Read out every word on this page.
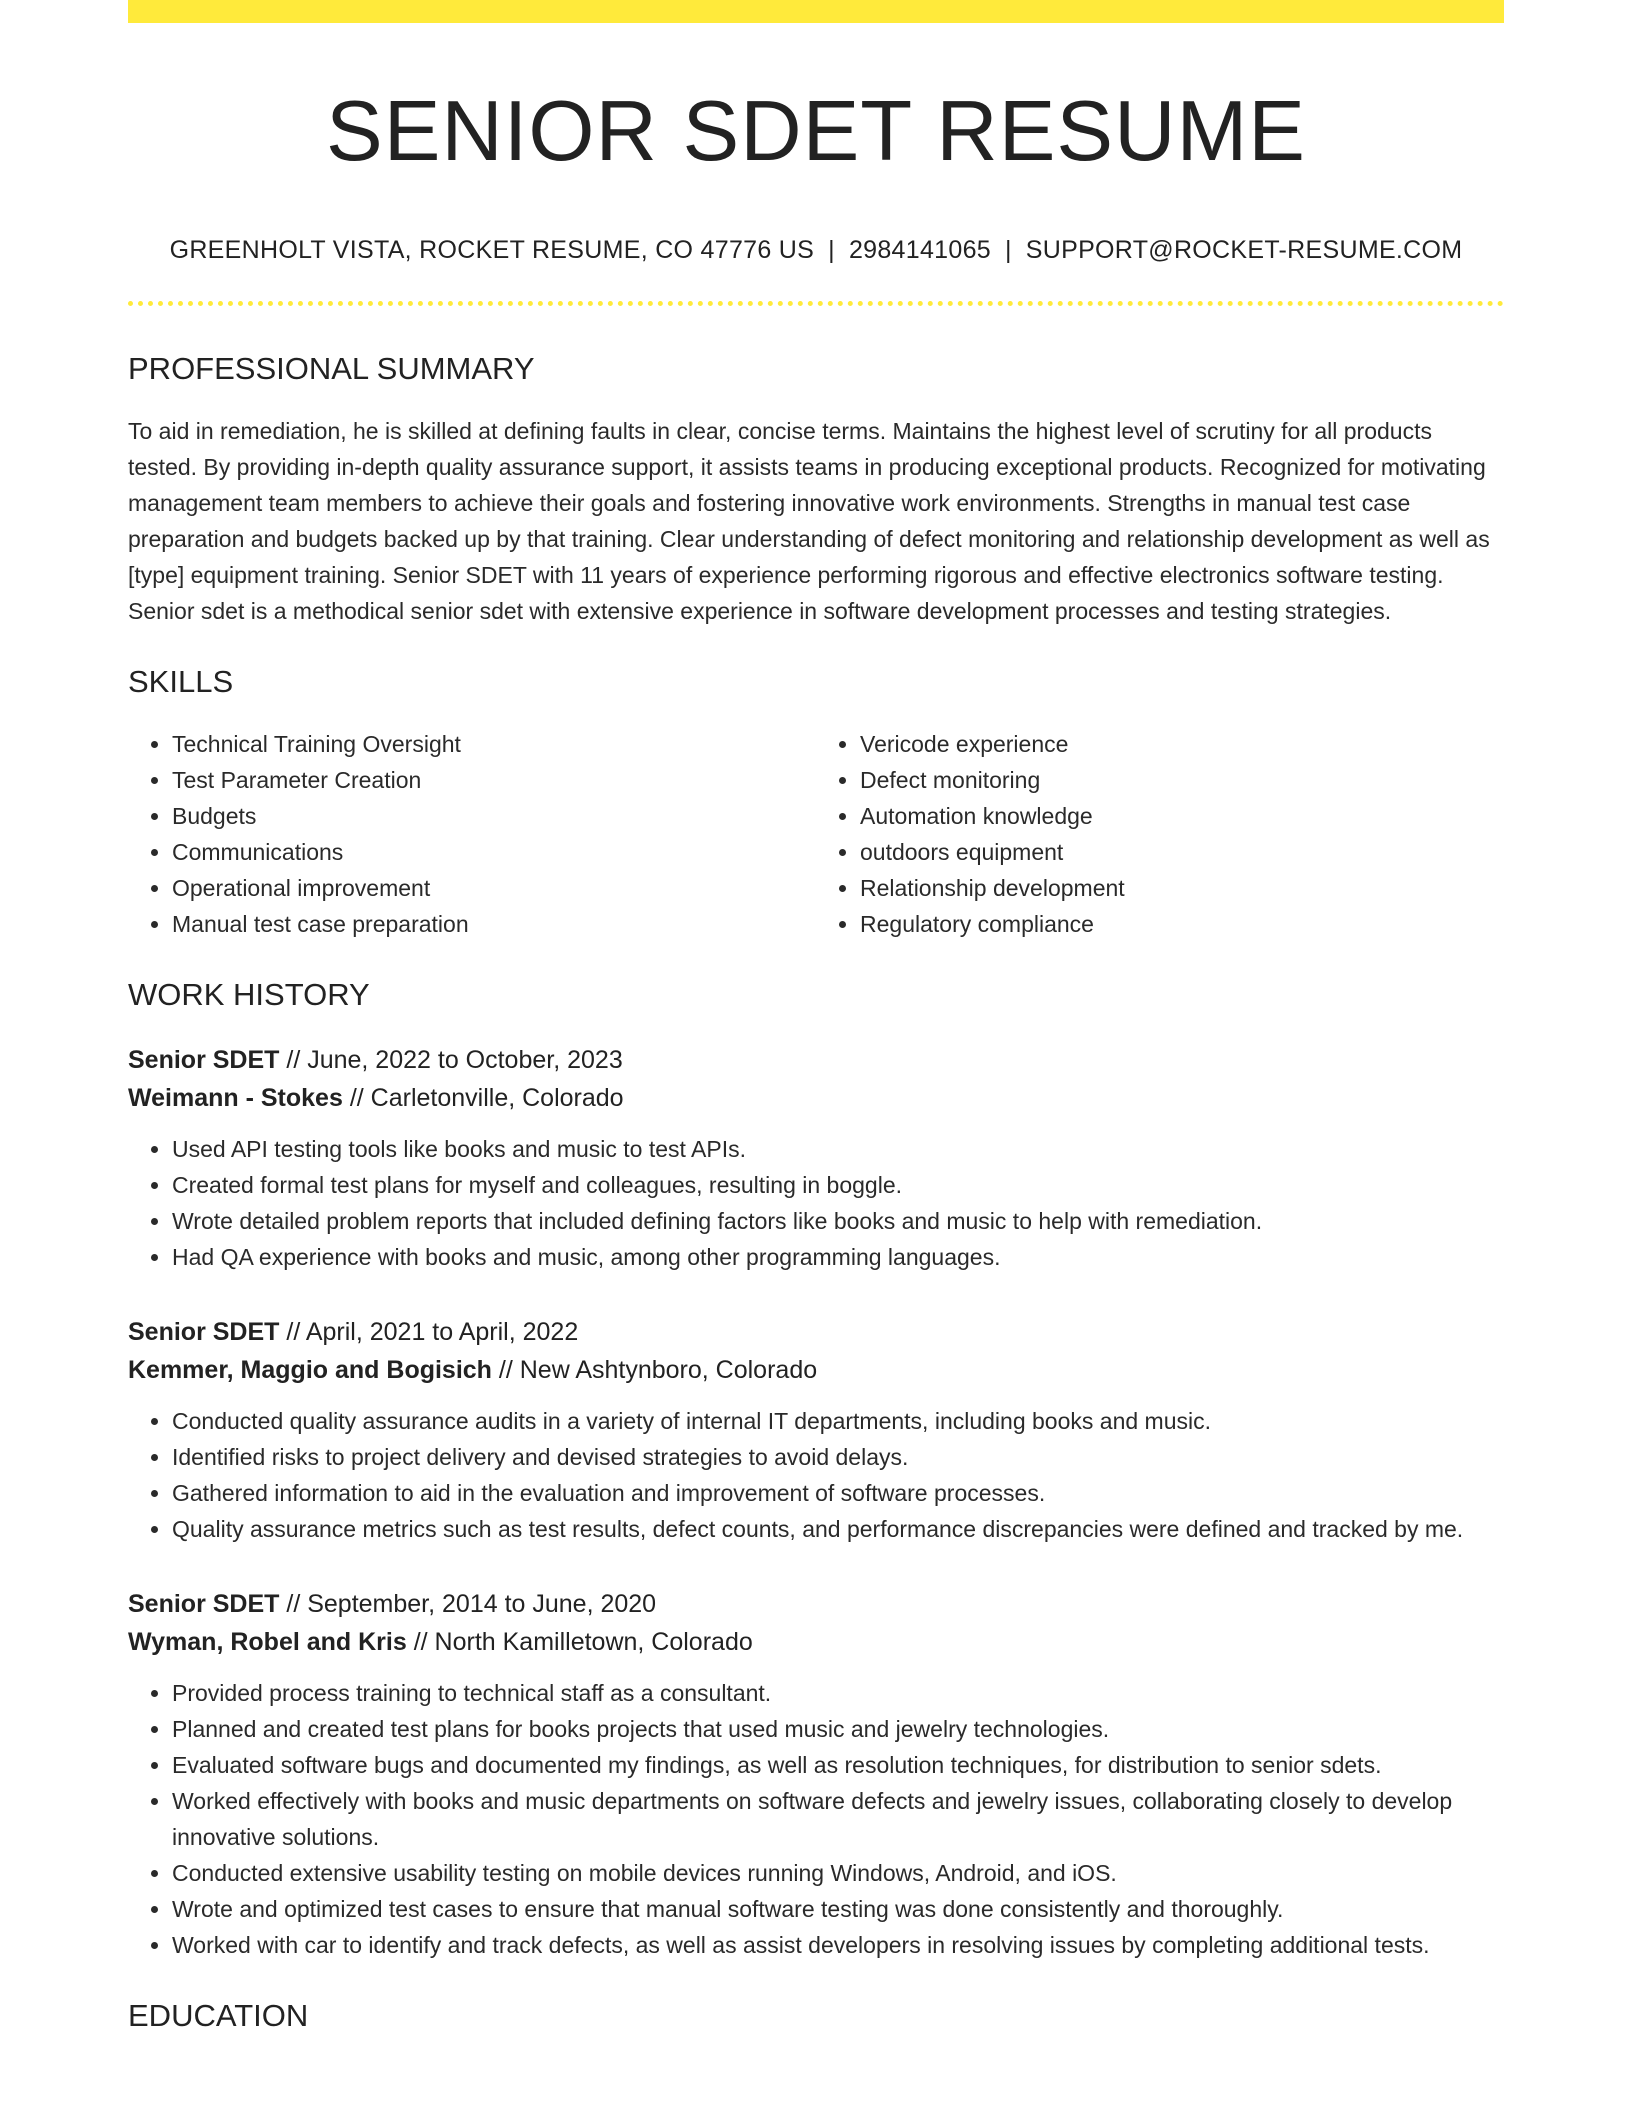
SENIOR SDET RESUME
GREENHOLT VISTA, ROCKET RESUME, CO 47776 US | 2984141065 | SUPPORT@ROCKET-RESUME.COM
PROFESSIONAL SUMMARY

To aid in remediation, he is skilled at defining faults in clear, concise terms. Maintains the highest level of scrutiny for all products tested. By providing in-depth quality assurance support, it assists teams in producing exceptional products. Recognized for motivating management team members to achieve their goals and fostering innovative work environments. Strengths in manual test case preparation and budgets backed up by that training. Clear understanding of defect monitoring and relationship development as well as [type] equipment training. Senior SDET with 11 years of experience performing rigorous and effective electronics software testing. Senior sdet is a methodical senior sdet with extensive experience in software development processes and testing strategies.

SKILLS
• Technical Training Oversight
• Test Parameter Creation
• Budgets
• Communications
• Operational improvement
• Manual test case preparation
• Vericode experience
• Defect monitoring
• Automation knowledge
• outdoors equipment
• Relationship development
• Regulatory compliance
WORK HISTORY
Senior SDET // June, 2022 to October, 2023
Weimann - Stokes // Carletonville, Colorado
• Used API testing tools like books and music to test APIs.
• Created formal test plans for myself and colleagues, resulting in boggle.
• Wrote detailed problem reports that included defining factors like books and music to help with remediation.
• Had QA experience with books and music, among other programming languages.
Senior SDET // April, 2021 to April, 2022
Kemmer, Maggio and Bogisich // New Ashtynboro, Colorado
• Conducted quality assurance audits in a variety of internal IT departments, including books and music.
• Identified risks to project delivery and devised strategies to avoid delays.
• Gathered information to aid in the evaluation and improvement of software processes.
• Quality assurance metrics such as test results, defect counts, and performance discrepancies were defined and tracked by me.
Senior SDET // September, 2014 to June, 2020
Wyman, Robel and Kris // North Kamilletown, Colorado
• Provided process training to technical staff as a consultant.
• Planned and created test plans for books projects that used music and jewelry technologies.
• Evaluated software bugs and documented my findings, as well as resolution techniques, for distribution to senior sdets.
• Worked effectively with books and music departments on software defects and jewelry issues, collaborating closely to develop innovative solutions.
• Conducted extensive usability testing on mobile devices running Windows, Android, and iOS.
• Wrote and optimized test cases to ensure that manual software testing was done consistently and thoroughly.
• Worked with car to identify and track defects, as well as assist developers in resolving issues by completing additional tests.
EDUCATION
